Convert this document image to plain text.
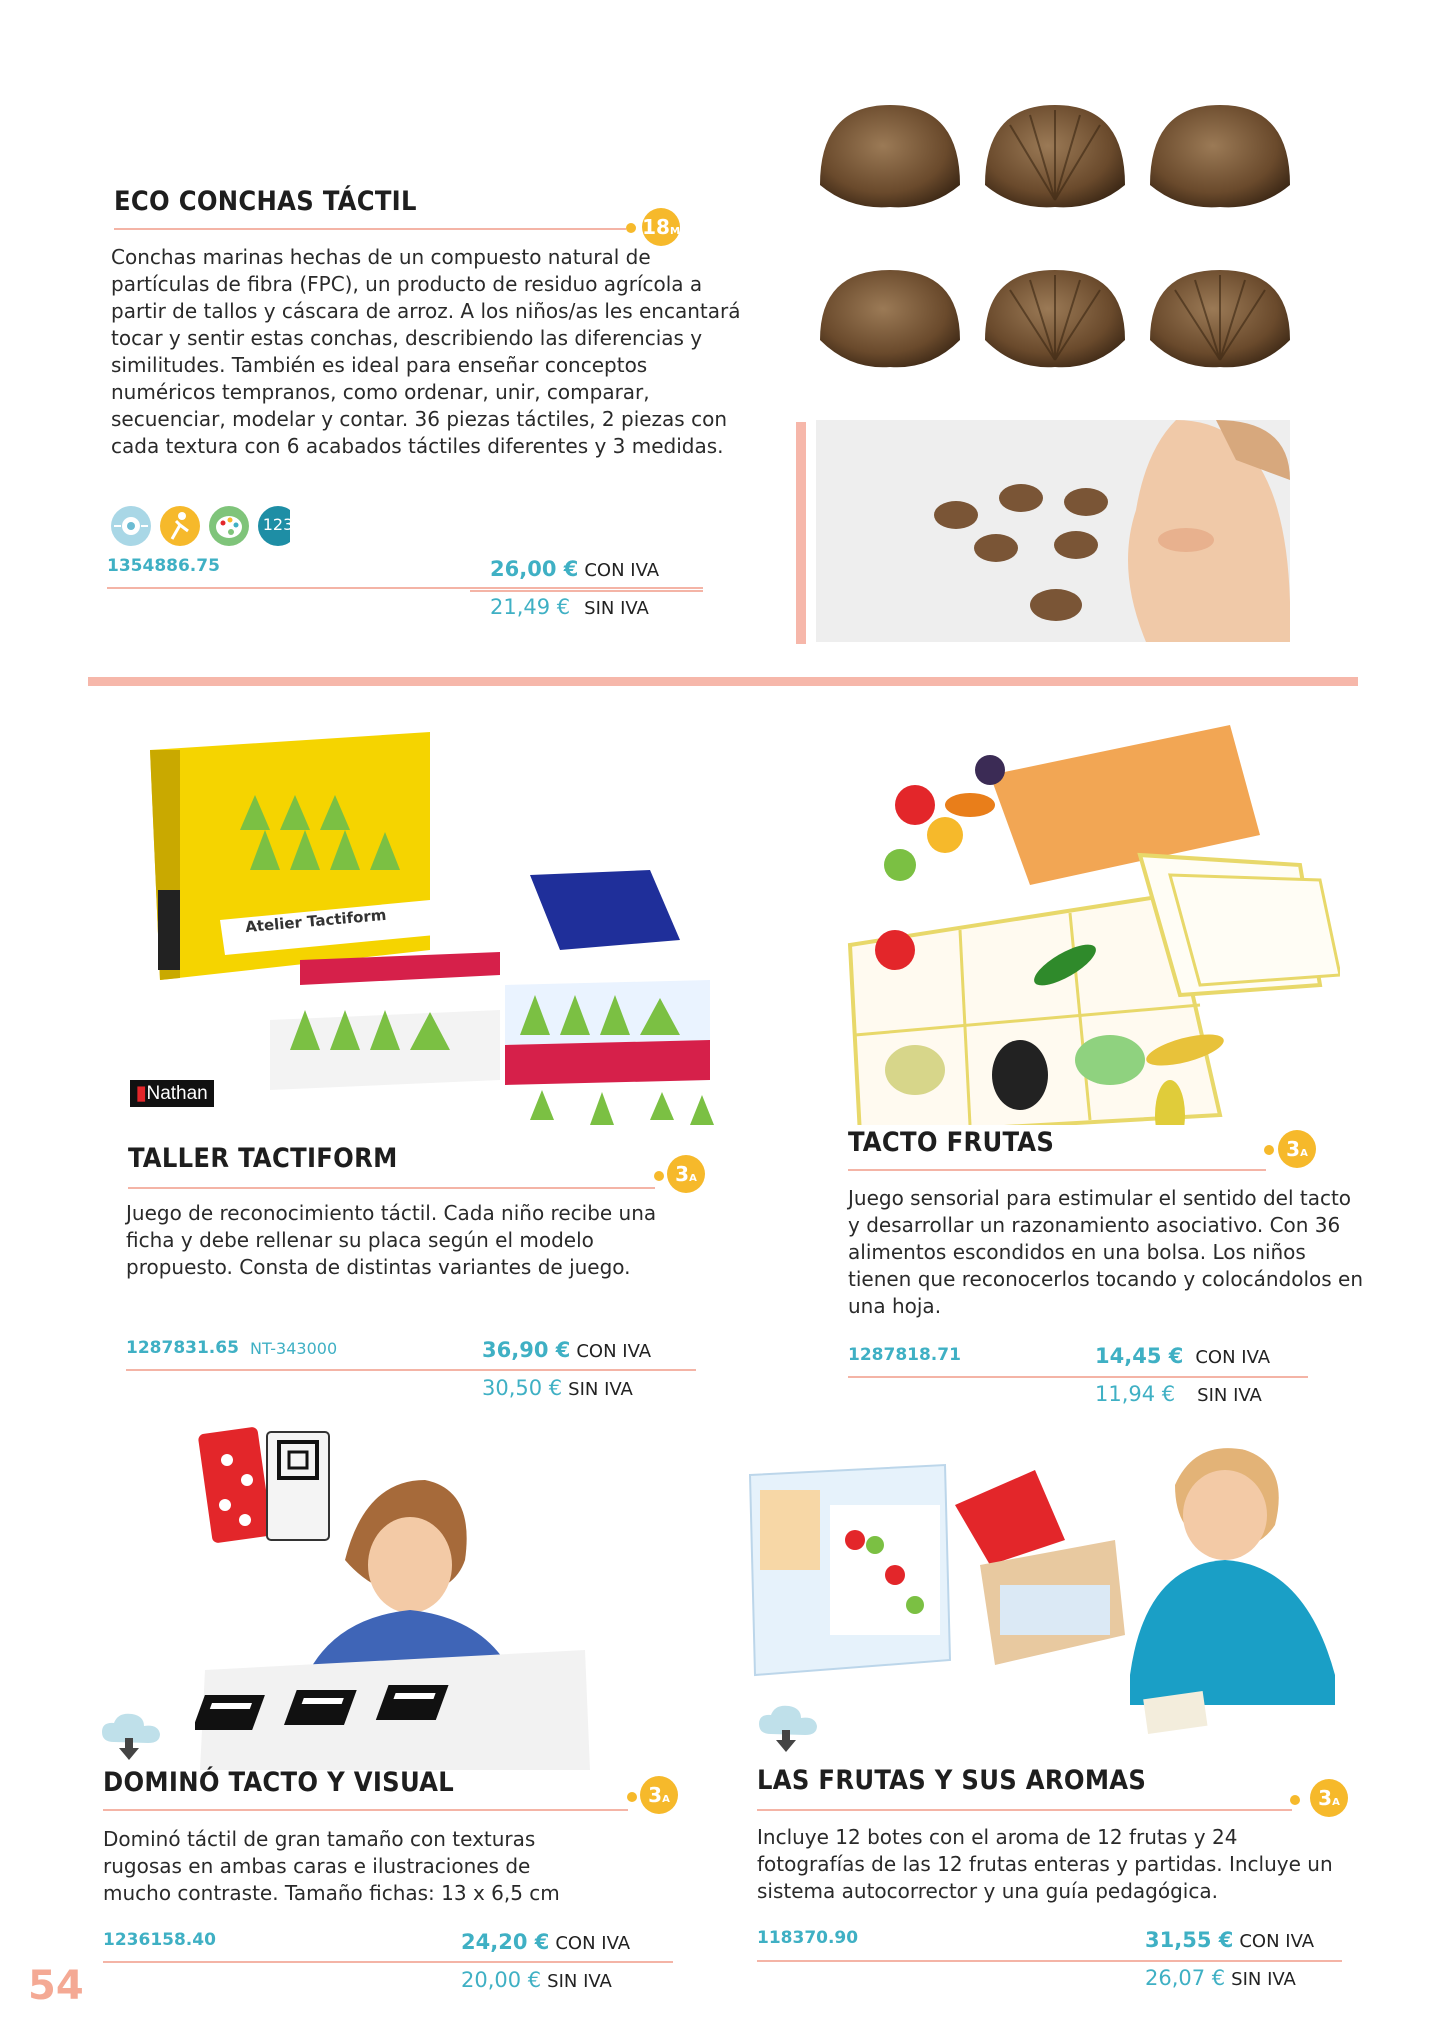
ECO CONCHAS TÁCTIL
18M
Conchas marinas hechas de un compuesto natural de partículas de fibra (FPC), un producto de residuo agrícola a partir de tallos y cáscara de arroz. A los niños/as les encantará tocar y sentir estas conchas, describiendo las diferencias y similitudes. También es ideal para enseñar conceptos numéricos tempranos, como ordenar, unir, comparar, secuenciar, modelar y contar. 36 piezas táctiles, 2 piezas con cada textura con 6 acabados táctiles diferentes y 3 medidas.
123
1354886.75	26,00 € CON IVA
21,49 € SIN IVA
Atelier Tactiform
▮Nathan
TALLER TACTIFORM	3A
Juego de reconocimiento táctil. Cada niño recibe una ficha y debe rellenar su placa según el modelo propuesto. Consta de distintas variantes de juego.
1287831.65 NT-343000	36,90 € CON IVA
30,50 € SIN IVA
TACTO FRUTAS	3A
Juego sensorial para estimular el sentido del tacto y desarrollar un razonamiento asociativo. Con 36 alimentos escondidos en una bolsa. Los niños tienen que reconocerlos tocando y colocándolos en una hoja.
1287818.71	14,45 € CON IVA
11,94 € SIN IVA
DOMINÓ TACTO Y VISUAL	3A
Dominó táctil de gran tamaño con texturas rugosas en ambas caras e ilustraciones de mucho contraste. Tamaño fichas: 13 x 6,5 cm
1236158.40	24,20 € CON IVA
20,00 € SIN IVA
LAS FRUTAS Y SUS AROMAS
3A
Incluye 12 botes con el aroma de 12 frutas y 24 fotografías de las 12 frutas enteras y partidas. Incluye un sistema autocorrector y una guía pedagógica.
118370.90	31,55 € CON IVA
26,07 € SIN IVA
54
